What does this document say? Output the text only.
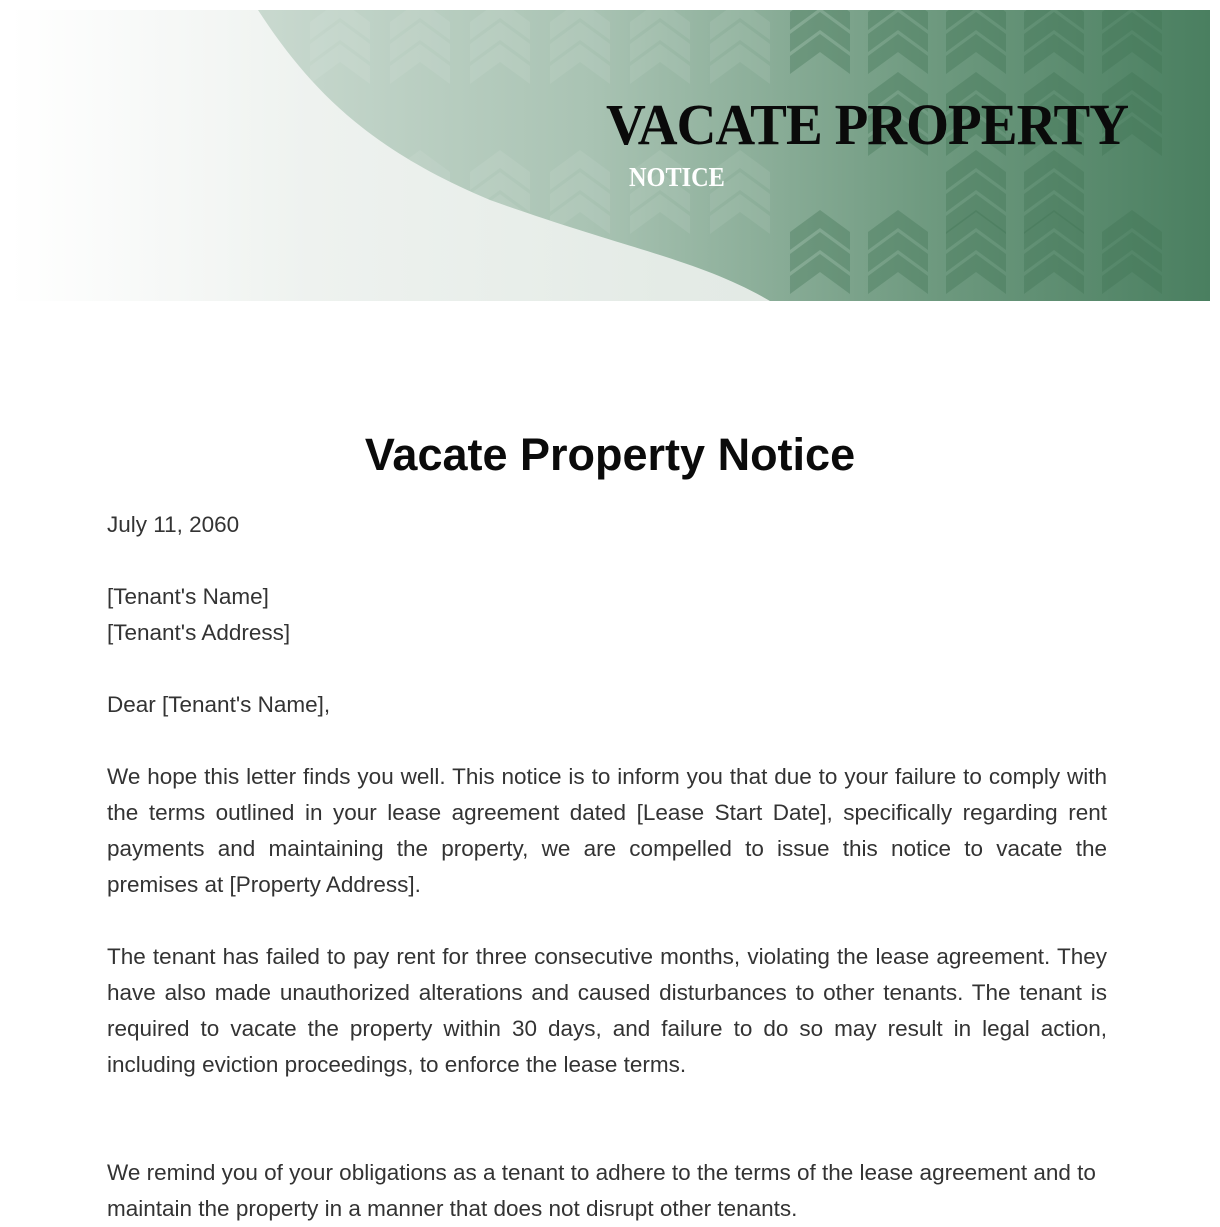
VACATE PROPERTY
NOTICE
Vacate Property Notice

July 11, 2060

[Tenant's Name]

[Tenant's Address]

Dear [Tenant's Name],

We hope this letter finds you well. This notice is to inform you that due to your failure to comply with the terms outlined in your lease agreement dated [Lease Start Date], specifically regarding rent payments and maintaining the property, we are compelled to issue this notice to vacate the premises at [Property Address].

The tenant has failed to pay rent for three consecutive months, violating the lease agreement. They have also made unauthorized alterations and caused disturbances to other tenants. The tenant is required to vacate the property within 30 days, and failure to do so may result in legal action, including eviction proceedings, to enforce the lease terms.

We remind you of your obligations as a tenant to adhere to the terms of the lease agreement and to maintain the property in a manner that does not disrupt other tenants.
